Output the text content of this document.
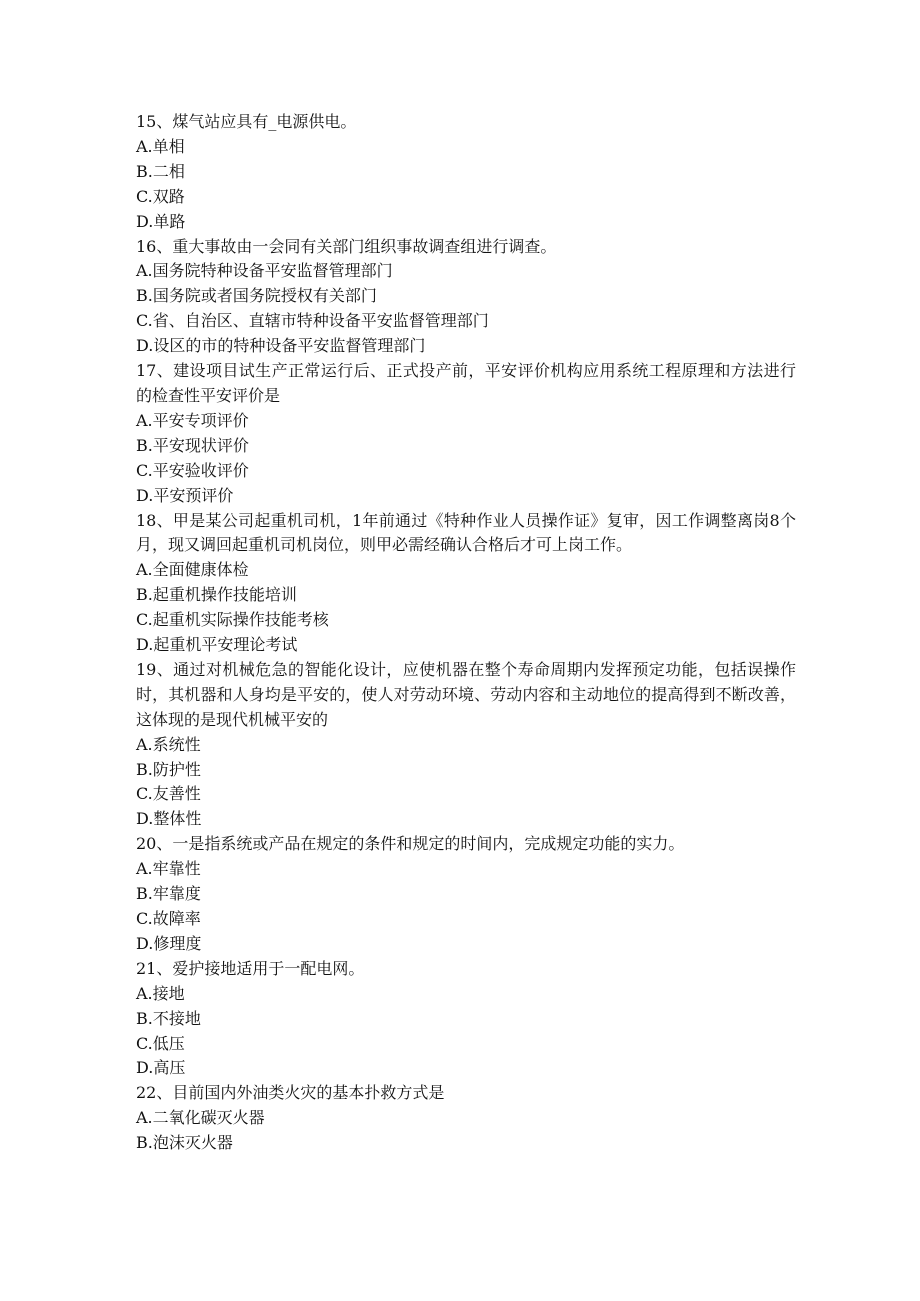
15、煤气站应具有_电源供电。

A.单相

B.二相

C.双路

D.单路

16、重大事故由一会同有关部门组织事故调查组进行调查。

A.国务院特种设备平安监督管理部门

B.国务院或者国务院授权有关部门

C.省、自治区、直辖市特种设备平安监督管理部门

D.设区的市的特种设备平安监督管理部门

17、建设项目试生产正常运行后、正式投产前，平安评价机构应用系统工程原理和方法进行的检查性平安评价是

A.平安专项评价

B.平安现状评价

C.平安验收评价

D.平安预评价

18、甲是某公司起重机司机，1年前通过《特种作业人员操作证》复审，因工作调整离岗8个月，现又调回起重机司机岗位，则甲必需经确认合格后才可上岗工作。

A.全面健康体检

B.起重机操作技能培训

C.起重机实际操作技能考核

D.起重机平安理论考试

19、通过对机械危急的智能化设计，应使机器在整个寿命周期内发挥预定功能，包括误操作时，其机器和人身均是平安的，使人对劳动环境、劳动内容和主动地位的提高得到不断改善，这体现的是现代机械平安的

A.系统性

B.防护性

C.友善性

D.整体性

20、一是指系统或产品在规定的条件和规定的时间内，完成规定功能的实力。

A.牢靠性

B.牢靠度

C.故障率

D.修理度

21、爱护接地适用于一配电网。

A.接地

B.不接地

C.低压

D.高压

22、目前国内外油类火灾的基本扑救方式是

A.二氧化碳灭火器

B.泡沫灭火器
